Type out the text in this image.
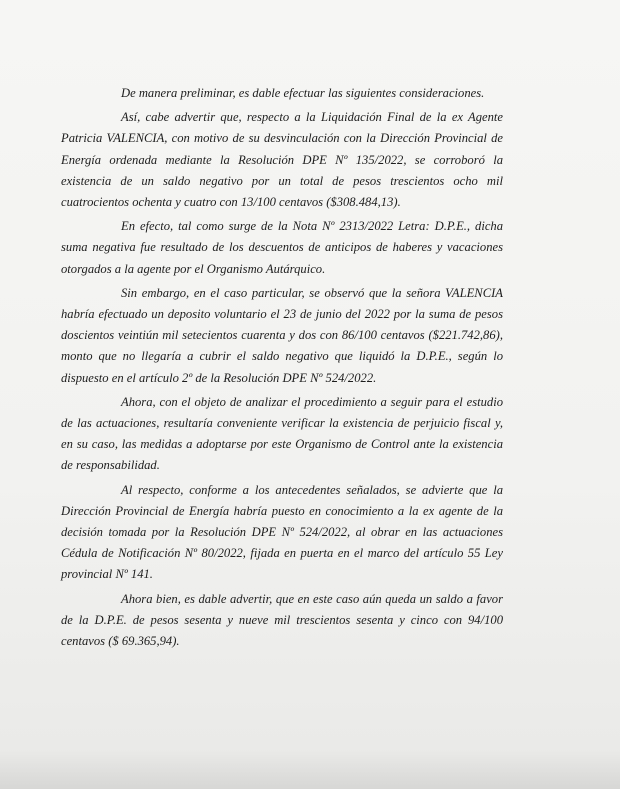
De manera preliminar, es dable efectuar las siguientes consideraciones.

Así, cabe advertir que, respecto a la Liquidación Final de la ex Agente Patricia VALENCIA, con motivo de su desvinculación con la Dirección Provincial de Energía ordenada mediante la Resolución DPE Nº 135/2022, se corroboró la existencia de un saldo negativo por un total de pesos trescientos ocho mil cuatrocientos ochenta y cuatro con 13/100 centavos ($308.484,13).

En efecto, tal como surge de la Nota Nº 2313/2022 Letra: D.P.E., dicha suma negativa fue resultado de los descuentos de anticipos de haberes y vacaciones otorgados a la agente por el Organismo Autárquico.

Sin embargo, en el caso particular, se observó que la señora VALENCIA habría efectuado un deposito voluntario el 23 de junio del 2022 por la suma de pesos doscientos veintiún mil setecientos cuarenta y dos con 86/100 centavos ($221.742,86), monto que no llegaría a cubrir el saldo negativo que liquidó la D.P.E., según lo dispuesto en el artículo 2º de la Resolución DPE Nº 524/2022.

Ahora, con el objeto de analizar el procedimiento a seguir para el estudio de las actuaciones, resultaría conveniente verificar la existencia de perjuicio fiscal y, en su caso, las medidas a adoptarse por este Organismo de Control ante la existencia de responsabilidad.

Al respecto, conforme a los antecedentes señalados, se advierte que la Dirección Provincial de Energía habría puesto en conocimiento a la ex agente de la decisión tomada por la Resolución DPE Nº 524/2022, al obrar en las actuaciones Cédula de Notificación Nº 80/2022, fijada en puerta en el marco del artículo 55 Ley provincial Nº 141.

Ahora bien, es dable advertir, que en este caso aún queda un saldo a favor de la D.P.E. de pesos sesenta y nueve mil trescientos sesenta y cinco con 94/100 centavos ($ 69.365,94).
